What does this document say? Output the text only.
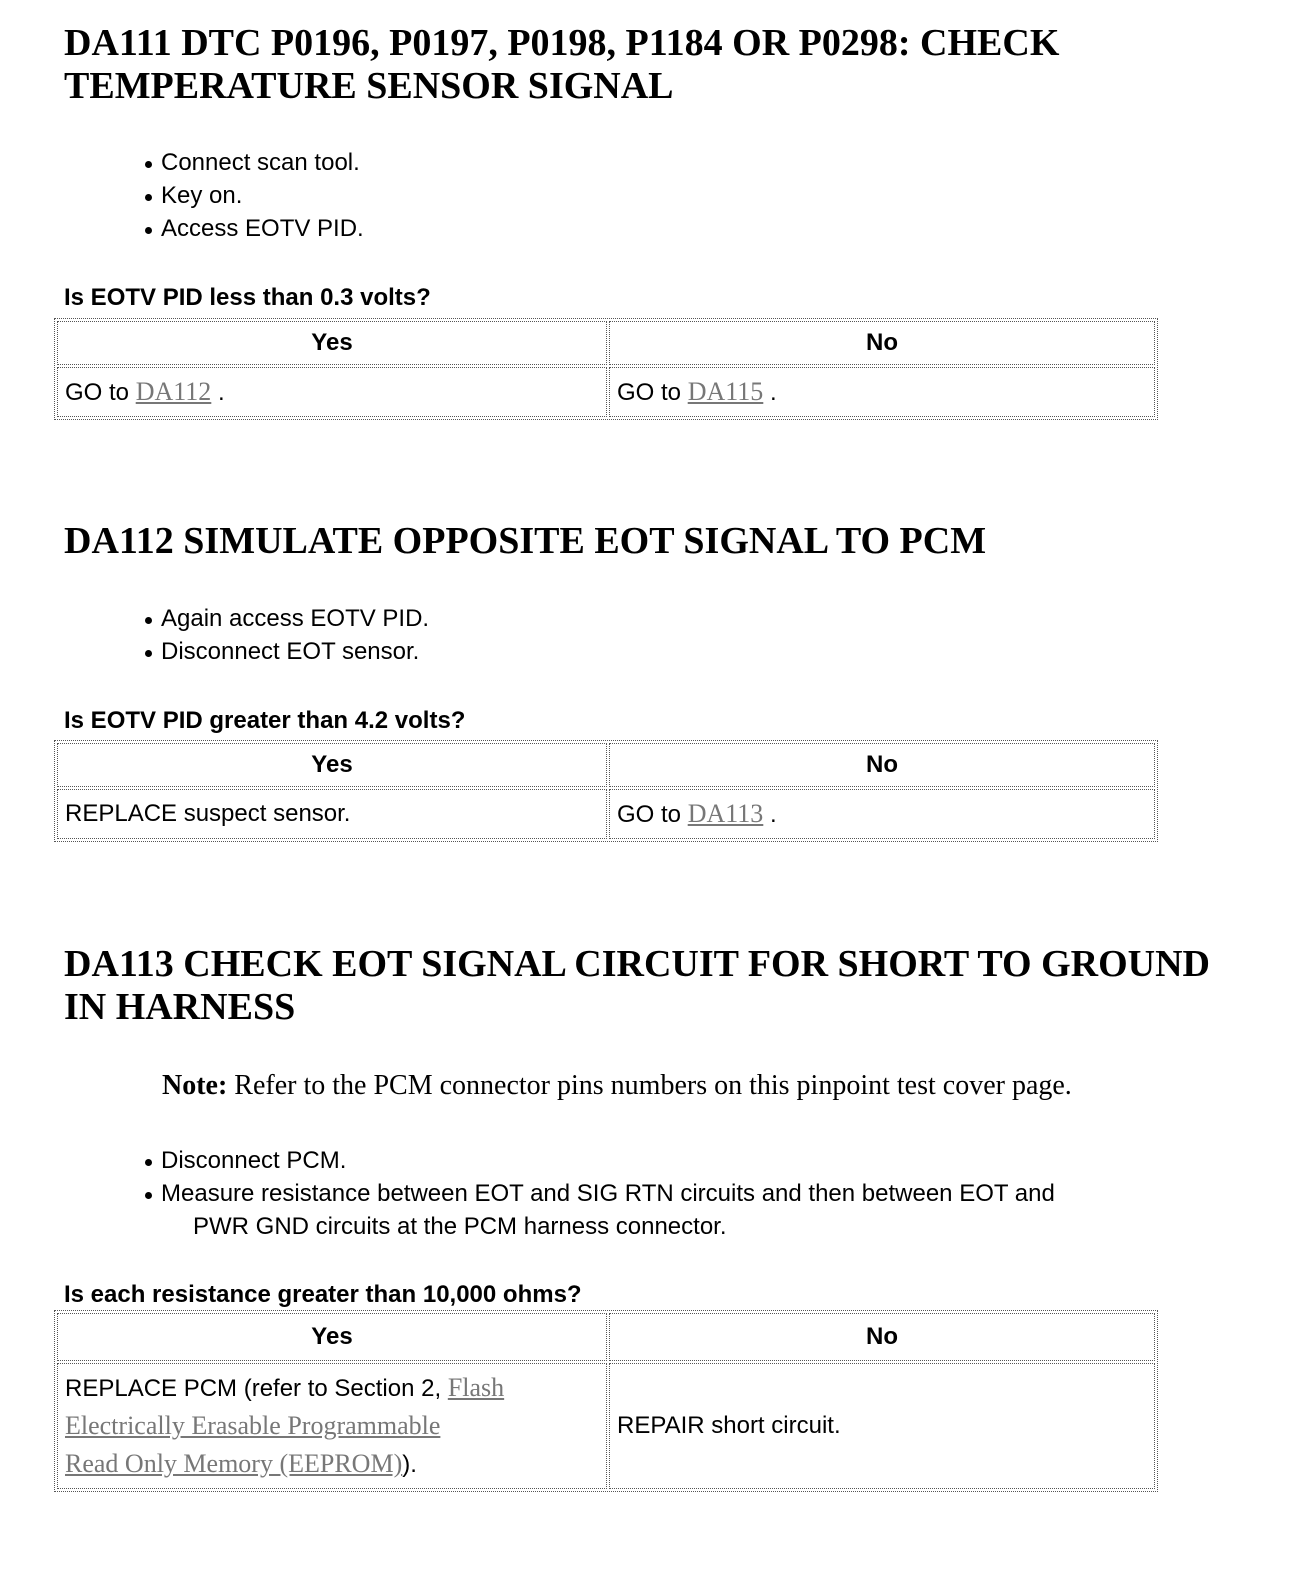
DA111 DTC P0196, P0197, P0198, P1184 OR P0298: CHECK
TEMPERATURE SENSOR SIGNAL
Connect scan tool.
Key on.
Access EOTV PID.
Is EOTV PID less than 0.3 volts?
Yes	No
GO to DA112 .	GO to DA115 .
DA112 SIMULATE OPPOSITE EOT SIGNAL TO PCM
Again access EOTV PID.
Disconnect EOT sensor.
Is EOTV PID greater than 4.2 volts?
Yes	No
REPLACE suspect sensor.	GO to DA113 .
DA113 CHECK EOT SIGNAL CIRCUIT FOR SHORT TO GROUND
IN HARNESS
Note: Refer to the PCM connector pins numbers on this pinpoint test cover page.
Disconnect PCM.
Measure resistance between EOT and SIG RTN circuits and then between EOT and
PWR GND circuits at the PCM harness connector.
Is each resistance greater than 10,000 ohms?
Yes	No
REPLACE PCM (refer to Section 2, Flash
Electrically Erasable Programmable
Read Only Memory (EEPROM)).	REPAIR short circuit.
